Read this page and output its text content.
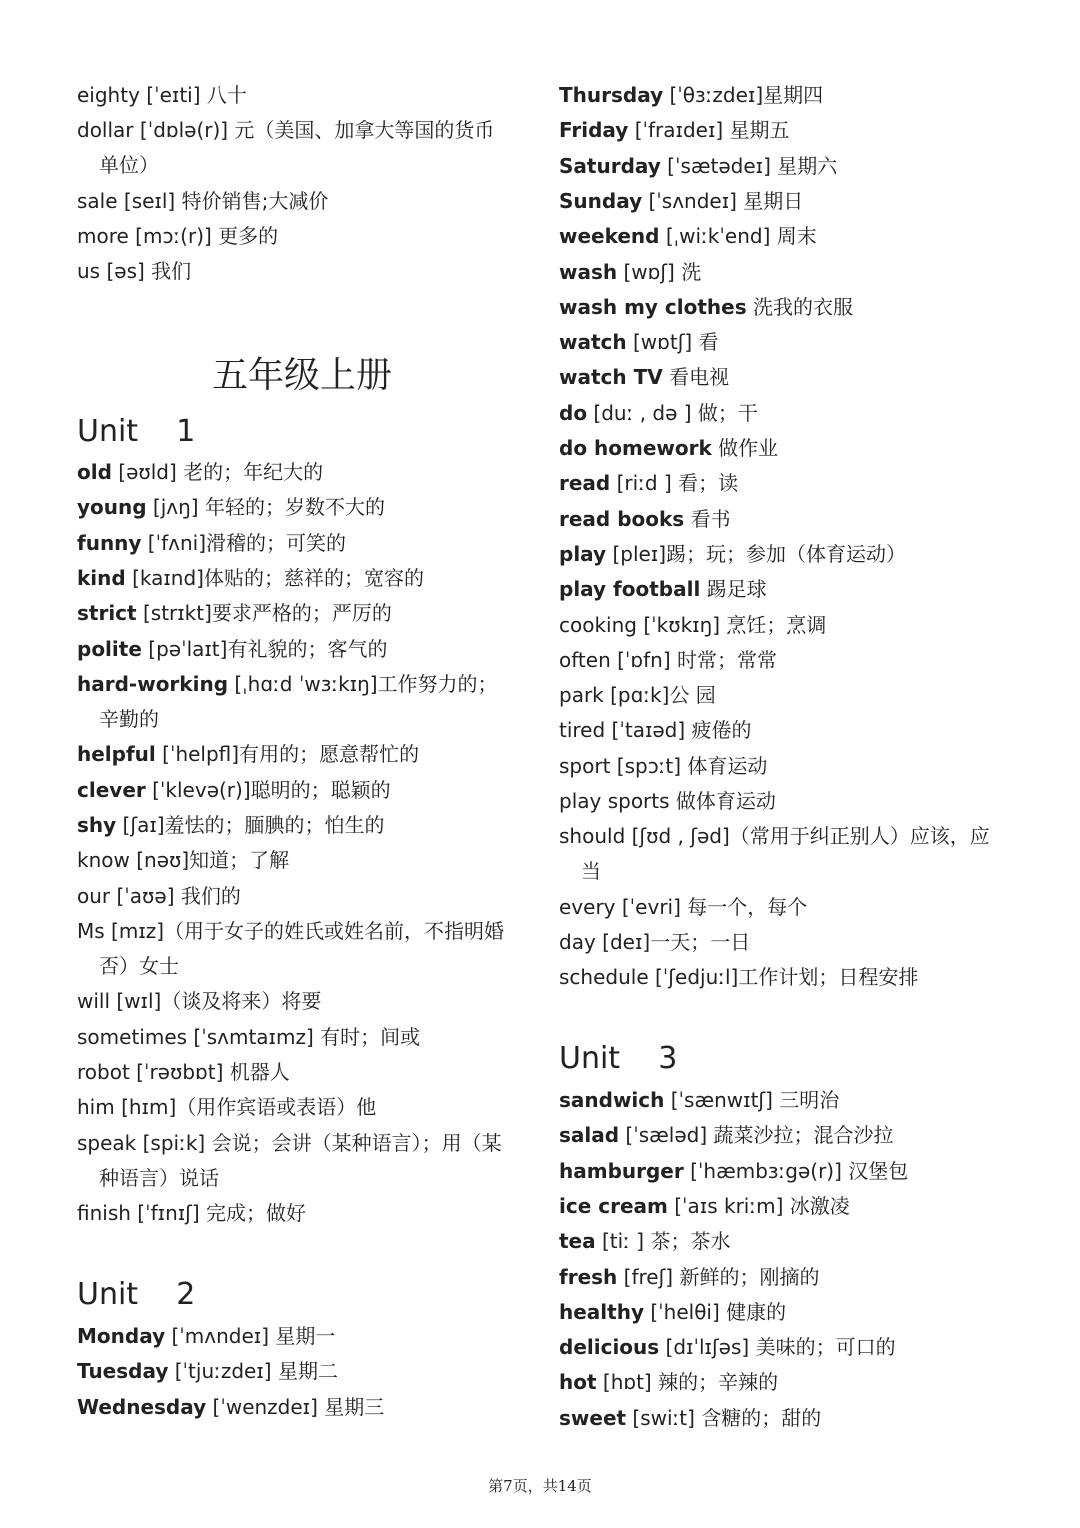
eighty [ˈeɪti] 八十
dollar [ˈdɒlə(r)] 元（美国、加拿大等国的货币
单位）
sale [seɪl] 特价销售;大减价
more [mɔː(r)] 更多的
us [əs] 我们
五年级上册
Unit    1
old [əʊld] 老的；年纪大的
young [jʌŋ] 年轻的；岁数不大的
funny [ˈfʌni]滑稽的；可笑的
kind [kaɪnd]体贴的；慈祥的；宽容的
strict [strɪkt]要求严格的；严厉的
polite [pəˈlaɪt]有礼貌的；客气的
hard-working [ˌhɑːd ˈwɜːkɪŋ]工作努力的；
辛勤的
helpful [ˈhelpfl]有用的；愿意帮忙的
clever [ˈklevə(r)]聪明的；聪颖的
shy [ʃaɪ]羞怯的；腼腆的；怕生的
know [nəʊ]知道；了解
our [ˈaʊə] 我们的
Ms [mɪz]（用于女子的姓氏或姓名前，不指明婚
否）女士
will [wɪl]（谈及将来）将要
sometimes [ˈsʌmtaɪmz] 有时；间或
robot [ˈrəʊbɒt] 机器人
him [hɪm]（用作宾语或表语）他
speak [spiːk] 会说；会讲（某种语言）；用（某
种语言）说话
finish [ˈfɪnɪʃ] 完成；做好
Unit    2
Monday [ˈmʌndeɪ] 星期一
Tuesday [ˈtjuːzdeɪ] 星期二
Wednesday [ˈwenzdeɪ] 星期三
Thursday [ˈθɜːzdeɪ]星期四
Friday [ˈfraɪdeɪ] 星期五
Saturday [ˈsætədeɪ] 星期六
Sunday [ˈsʌndeɪ] 星期日
weekend [ˌwiːkˈend] 周末
wash [wɒʃ] 洗
wash my clothes 洗我的衣服
watch [wɒtʃ] 看
watch TV 看电视
do [duː , də ] 做；干
do homework 做作业
read [riːd ] 看；读
read books 看书
play [pleɪ]踢；玩；参加（体育运动）
play football 踢足球
cooking [ˈkʊkɪŋ] 烹饪；烹调
often [ˈɒfn] 时常；常常
park [pɑːk]公 园
tired [ˈtaɪəd] 疲倦的
sport [spɔːt] 体育运动
play sports 做体育运动
should [ʃʊd , ʃəd]（常用于纠正别人）应该，应
当
every [ˈevri] 每一个，每个
day [deɪ]一天；一日
schedule [ˈʃedjuːl]工作计划；日程安排
Unit    3
sandwich [ˈsænwɪtʃ] 三明治
salad [ˈsæləd] 蔬菜沙拉；混合沙拉
hamburger [ˈhæmbɜːgə(r)] 汉堡包
ice cream [ˈaɪs kriːm] 冰激凌
tea [tiː ] 茶；茶水
fresh [freʃ] 新鲜的；刚摘的
healthy [ˈhelθi] 健康的
delicious [dɪˈlɪʃəs] 美味的；可口的
hot [hɒt] 辣的；辛辣的
sweet [swiːt] 含糖的；甜的
第7页，共14页
